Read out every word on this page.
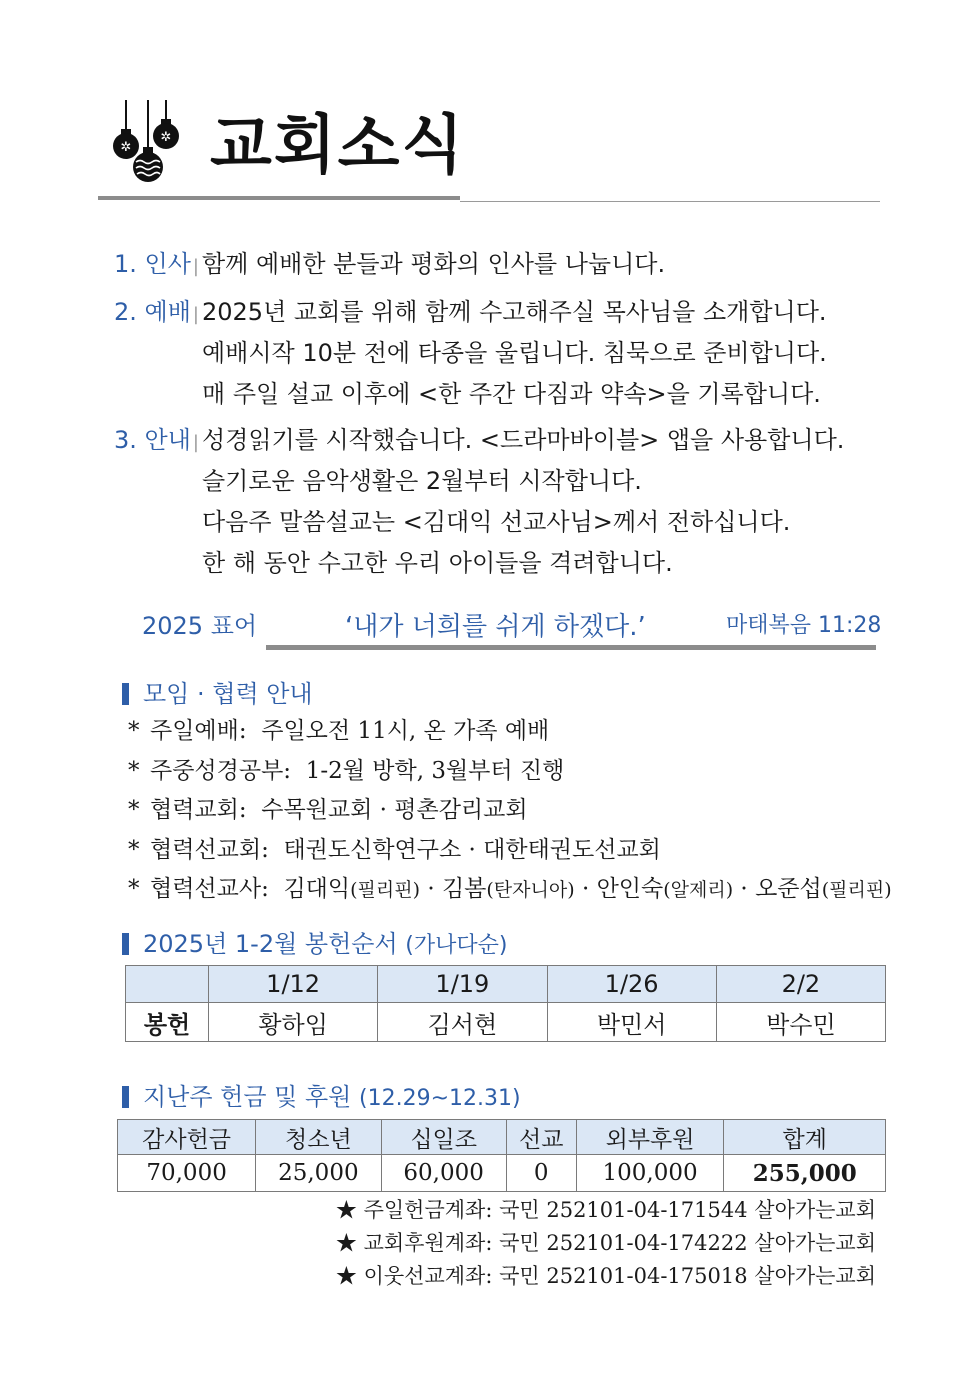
✲
✲ 교회소식
1. 인사 | 함께 예배한 분들과 평화의 인사를 나눕니다.
2. 예배 | 2025년 교회를 위해 함께 수고해주실 목사님을 소개합니다.
예배시작 10분 전에 타종을 울립니다. 침묵으로 준비합니다.
매 주일 설교 이후에 <한 주간 다짐과 약속>을 기록합니다.
3. 안내 | 성경읽기를 시작했습니다. <드라마바이블> 앱을 사용합니다.
슬기로운 음악생활은 2월부터 시작합니다.
다음주 말씀설교는 <김대익 선교사님>께서 전하십니다.
한 해 동안 수고한 우리 아이들을 격려합니다.
2025 표어	‘내가 너희를 쉬게 하겠다.’	마태복음 11:28
모임 · 협력 안내
* 주일예배: 주일오전 11시, 온 가족 예배
* 주중성경공부: 1-2월 방학, 3월부터 진행
* 협력교회: 수목원교회 · 평촌감리교회
* 협력선교회: 태권도신학연구소 · 대한태권도선교회
* 협력선교사: 김대익(필리핀) · 김봄(탄자니아) · 안인숙(알제리) · 오준섭(필리핀)
2025년 1-2월 봉헌순서 (가나다순)
	1/12	1/19	1/26	2/2
봉헌	황하임	김서현	박민서	박수민
지난주 헌금 및 후원 (12.29~12.31)
감사헌금	청소년	십일조	선교	외부후원	합계
70,000	25,000	60,000	0	100,000	255,000
★ 주일헌금계좌: 국민 252101-04-171544 살아가는교회
★ 교회후원계좌: 국민 252101-04-174222 살아가는교회
★ 이웃선교계좌: 국민 252101-04-175018 살아가는교회
